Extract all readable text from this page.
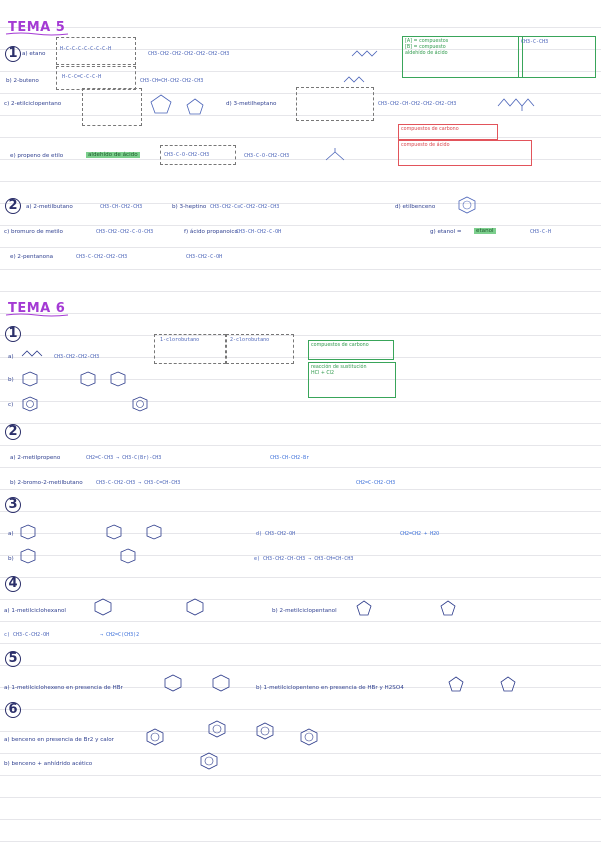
TEMA 5
1 a) etano
H-C-C-C-C-C-C-C-H
CH3-CH2-CH2-CH2-CH2-CH2-CH3
[A] = compuestos
[B] = compuesto
aldehído de ácido
CH3-C-CH3
b) 2-buteno
H-C-C=C-C-C-H
CH3-CH=CH-CH2-CH2-CH3
c) 2-etilciclopentano	d) 3-metilheptano	CH3-CH2-CH-CH2-CH2-CH2-CH3
compuestos de carbono
compuesto de ácido
e) propeno de etilo	aldehído de ácido	CH3-C-O-CH2-CH3	CH3-C-O-CH2-CH3
2	a) 2-metilbutano	CH3-CH-CH2-CH3	b) 3-heptino CH3-CH2-C≡C-CH2-CH2-CH3	d) etilbenceno
c) bromuro de metilo	CH3-CH2-CH2-C-O-CH3	f) ácido propanoico
CH3-CH-CH2-C-OH	g) etanol =	etanol	CH3-C-H
e) 2-pentanona	CH3-C-CH2-CH2-CH3	CH3-CH2-C-OH
TEMA 6
1
a)	CH3-CH2-CH2-CH3
1-clorobutano	2-clorobutano
compuestos de carbono
reacción de sustitución
HCl + Cl2
b)
c)
2
a) 2-metilpropeno	CH2=C-CH3 → CH3-C(Br)-CH3	CH3-CH-CH2-Br
b) 2-bromo-2-metilbutano	CH3-C-CH2-CH3 → CH3-C=CH-CH3	CH2=C-CH2-CH3
3
a)	d) CH3-CH2-OH	CH2=CH2 + H2O
b)	e) CH3-CH2-CH-CH3 → CH3-CH=CH-CH3
4
a) 1-metilciclohexanol	b) 2-metilciclopentanol
c) CH3-C-CH2-OH	→ CH2=C(CH3)2
5
a) 1-metilciclohexeno en presencia de HBr	b) 1-metilciclopenteno en presencia de HBr y H2SO4
6
a) benceno en presencia de Br2 y calor
b) benceno + anhídrido acético
